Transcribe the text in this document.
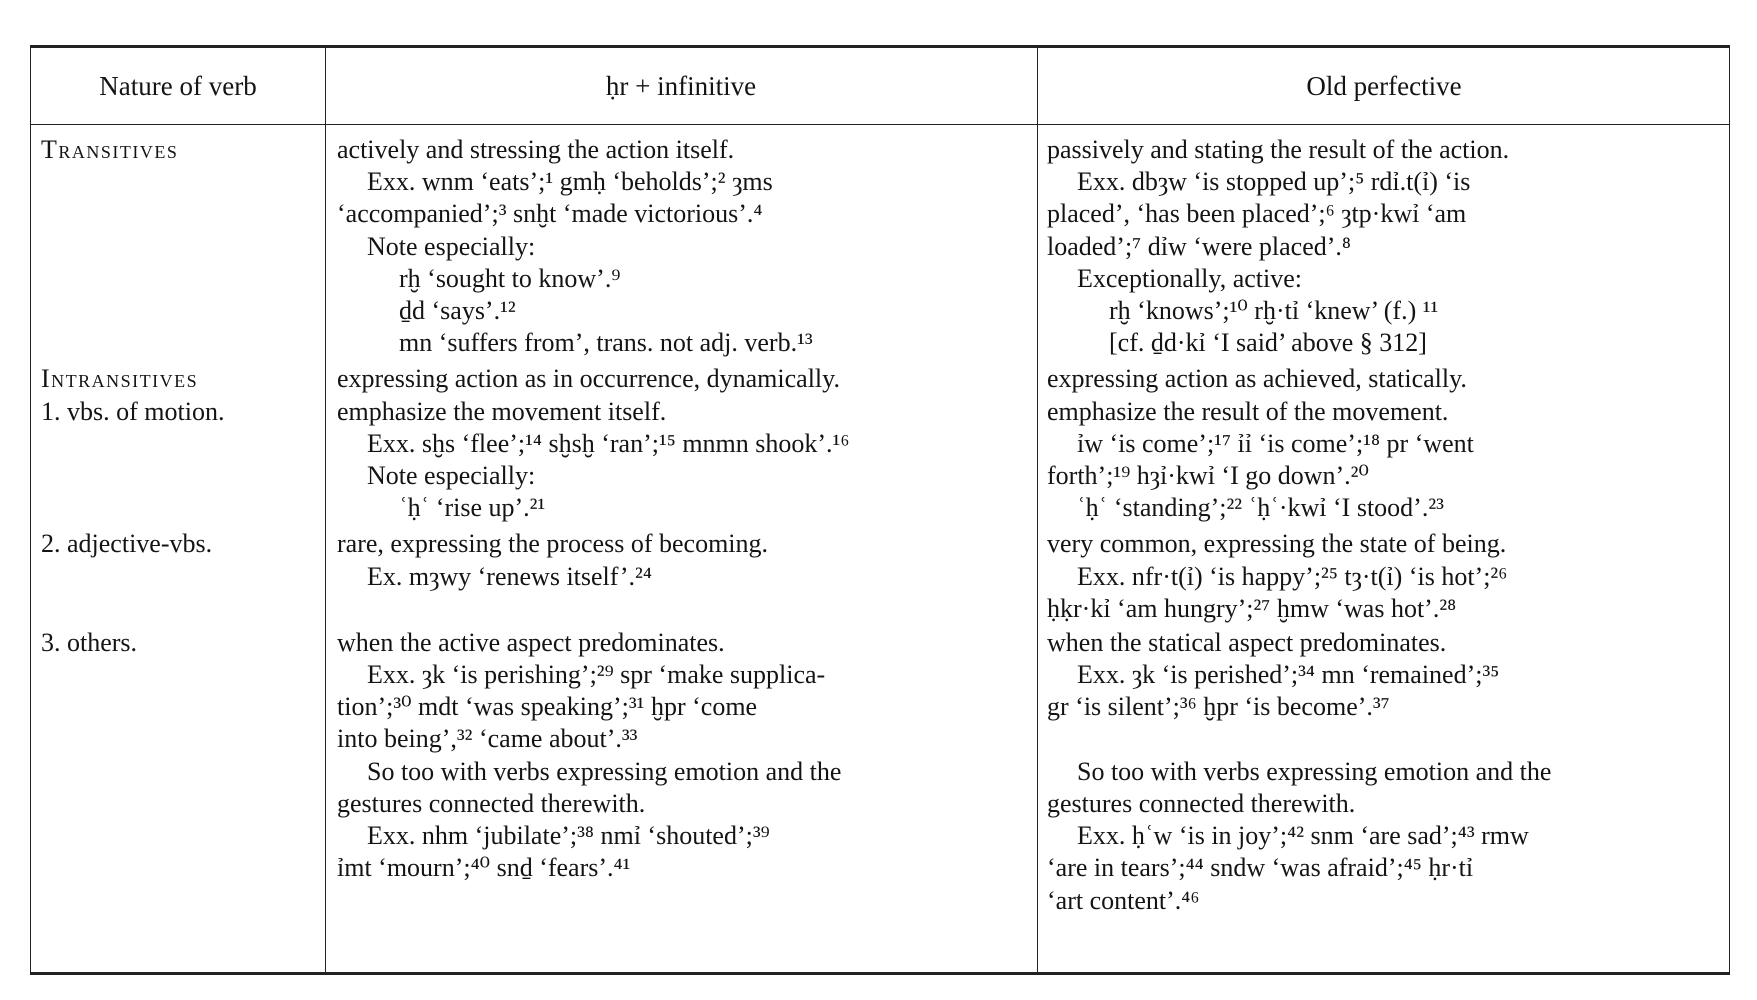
Nature of verb	ḥr + infinitive	Old perfective
Transitives
Intransitives
1. vbs. of motion.
2. adjective-vbs.
3. others.
actively and stressing the action itself.
Exx. wnm ‘eats’;¹ gmḥ ‘beholds’;² ȝms
‘accompanied’;³ snḫt ‘made victorious’.⁴
Note especially:
rḫ ‘sought to know’.⁹
ḏd ‘says’.¹²
mn ‘suffers from’, trans. not adj. verb.¹³
expressing action as in occurrence, dynamically.
emphasize the movement itself.
Exx. sḫs ‘flee’;¹⁴ sḫsḫ ‘ran’;¹⁵ mnmn shook’.¹⁶
Note especially:
ʿḥʿ ‘rise up’.²¹
rare, expressing the process of becoming.
Ex. mȝwy ‘renews itself’.²⁴
when the active aspect predominates.
Exx. ȝk ‘is perishing’;²⁹ spr ‘make supplica-
tion’;³⁰ mdt ‘was speaking’;³¹ ḫpr ‘come
into being’,³² ‘came about’.³³
So too with verbs expressing emotion and the
gestures connected therewith.
Exx. nhm ‘jubilate’;³⁸ nmỉ ‘shouted’;³⁹
ỉmt ‘mourn’;⁴⁰ snḏ ‘fears’.⁴¹
passively and stating the result of the action.
Exx. dbȝw ‘is stopped up’;⁵ rdỉ.t(ỉ) ‘is
placed’, ‘has been placed’;⁶ ȝtp·kwỉ ‘am
loaded’;⁷ dỉw ‘were placed’.⁸
Exceptionally, active:
rḫ ‘knows’;¹⁰ rḫ·tỉ ‘knew’ (f.) ¹¹
[cf. ḏd·kỉ ‘I said’ above § 312]
expressing action as achieved, statically.
emphasize the result of the movement.
ỉw ‘is come’;¹⁷ ỉỉ ‘is come’;¹⁸ pr ‘went
forth’;¹⁹ hȝỉ·kwỉ ‘I go down’.²⁰
ʿḥʿ ‘standing’;²² ʿḥʿ·kwỉ ‘I stood’.²³
very common, expressing the state of being.
Exx. nfr·t(ỉ) ‘is happy’;²⁵ tȝ·t(ỉ) ‘is hot’;²⁶
ḥḳr·kỉ ‘am hungry’;²⁷ ḫmw ‘was hot’.²⁸
when the statical aspect predominates.
Exx. ȝk ‘is perished’;³⁴ mn ‘remained’;³⁵
gr ‘is silent’;³⁶ ḫpr ‘is become’.³⁷
So too with verbs expressing emotion and the
gestures connected therewith.
Exx. ḥʿw ‘is in joy’;⁴² snm ‘are sad’;⁴³ rmw
‘are in tears’;⁴⁴ sndw ‘was afraid’;⁴⁵ ḥr·tỉ
‘art content’.⁴⁶
